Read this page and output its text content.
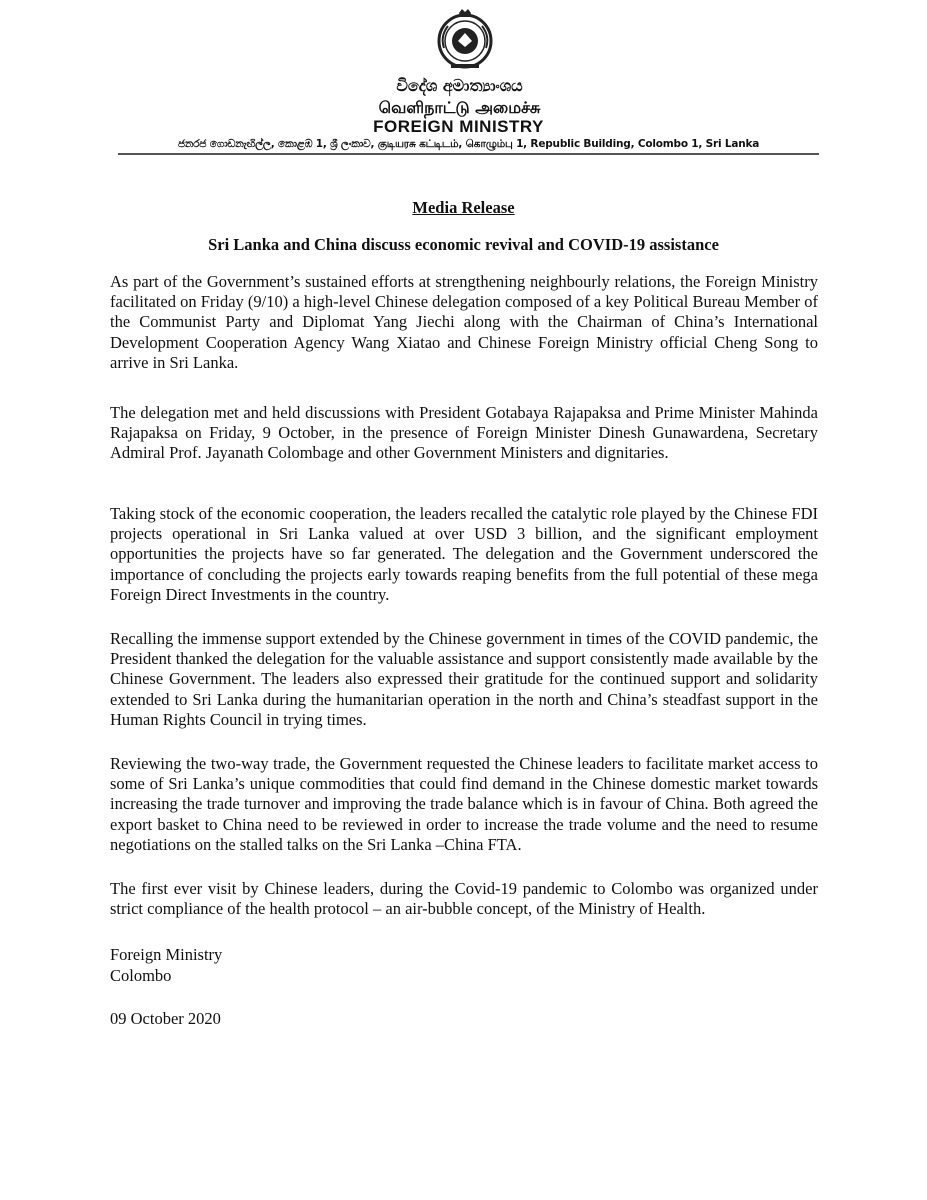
විදේශ අමාත්‍යාංශය

வெளிநாட்டு அமைச்சு

FOREIGN MINISTRY

ජනරජ ගොඩනැඟිල්ල, කොළඹ 1, ශ්‍රී ලංකාව, குடியரசு கட்டிடம், கொழும்பு 1, Republic Building, Colombo 1, Sri Lanka

Media Release

Sri Lanka and China discuss economic revival and COVID-19 assistance

As part of the Government’s sustained efforts at strengthening neighbourly relations, the Foreign Ministry facilitated on Friday (9/10) a high-level Chinese delegation composed of a key Political Bureau Member of the Communist Party and Diplomat Yang Jiechi along with the Chairman of China’s International Development Cooperation Agency Wang Xiatao and Chinese Foreign Ministry official Cheng Song to arrive in Sri Lanka.

The delegation met and held discussions with President Gotabaya Rajapaksa and Prime Minister Mahinda Rajapaksa on Friday, 9 October, in the presence of Foreign Minister Dinesh Gunawardena, Secretary Admiral Prof. Jayanath Colombage and other Government Ministers and dignitaries.

Taking stock of the economic cooperation, the leaders recalled the catalytic role played by the Chinese FDI projects operational in Sri Lanka valued at over USD 3 billion, and the significant employment opportunities the projects have so far generated. The delegation and the Government underscored the importance of concluding the projects early towards reaping benefits from the full potential of these mega Foreign Direct Investments in the country.

Recalling the immense support extended by the Chinese government in times of the COVID pandemic, the President thanked the delegation for the valuable assistance and support consistently made available by the Chinese Government. The leaders also expressed their gratitude for the continued support and solidarity extended to Sri Lanka during the humanitarian operation in the north and China’s steadfast support in the Human Rights Council in trying times.

Reviewing the two-way trade, the Government requested the Chinese leaders to facilitate market access to some of Sri Lanka’s unique commodities that could find demand in the Chinese domestic market towards increasing the trade turnover and improving the trade balance which is in favour of China. Both agreed the export basket to China need to be reviewed in order to increase the trade volume and the need to resume negotiations on the stalled talks on the Sri Lanka –China FTA.

The first ever visit by Chinese leaders, during the Covid-19 pandemic to Colombo was organized under strict compliance of the health protocol – an air-bubble concept, of the Ministry of Health.

Foreign Ministry

Colombo

09 October 2020
